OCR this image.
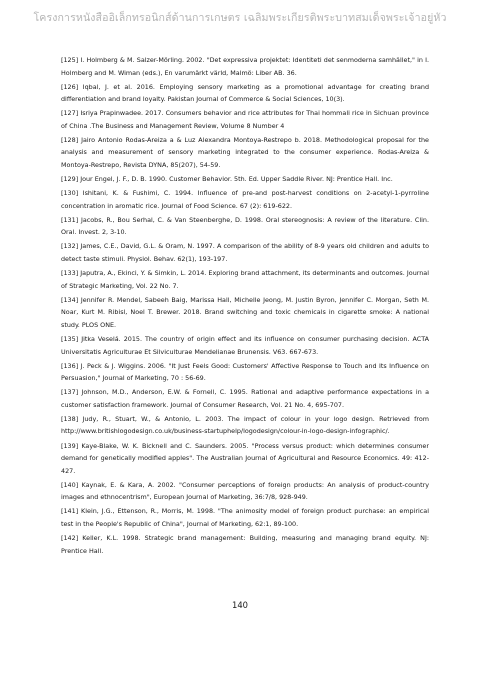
โครงการหนังสืออิเล็กทรอนิกส์ด้านการเกษตร เฉลิมพระเกียรติพระบาทสมเด็จพระเจ้าอยู่หัว

[125] I. Holmberg & M. Salzer-Mörling. 2002. "Det expressiva projektet: Identiteti det senmoderna samhället," in I. Holmberg and M. Wiman (eds.), En varumärkt värld, Malmö: Liber AB. 36.

[126] Iqbal, J. et al. 2016. Employing sensory marketing as a promotional advantage for creating brand differentiation and brand loyalty. Pakistan Journal of Commerce & Social Sciences, 10(3).

[127] Isriya Prapinwadee. 2017. Consumers behavior and rice attributes for Thai hommali rice in Sichuan province of China .The Business and Management Review, Volume 8 Number 4

[128] Jairo Antonio Rodas-Areiza a & Luz Alexandra Montoya-Restrepo b. 2018. Methodological proposal for the analysis and measurement of sensory marketing integrated to the consumer experience. Rodas-Areiza & Montoya-Restrepo, Revista DYNA, 85(207), 54-59.

[129] Jour Engel, J. F., D. B. 1990. Customer Behavior. 5th. Ed. Upper Saddle River. NJ: Prentice Hall. Inc.

[130] Ishitani, K. & Fushimi, C. 1994. Influence of pre-and post-harvest conditions on 2-acetyl-1-pyrroline concentration in aromatic rice. Journal of Food Science. 67 (2): 619-622.

[131] Jacobs, R., Bou Serhal, C. & Van Steenberghe, D. 1998. Oral stereognosis: A review of the literature. Clin. Oral. Invest. 2, 3-10.

[132] James, C.E., David, G.L. & Oram, N. 1997. A comparison of the ability of 8-9 years old children and adults to detect taste stimuli. Physiol. Behav. 62(1), 193-197.

[133] Japutra, A., Ekinci, Y. & Simkin, L. 2014. Exploring brand attachment, its determinants and outcomes. Journal of Strategic Marketing, Vol. 22 No. 7.

[134] Jennifer R. Mendel, Sabeeh Baig, Marissa Hall, Michelle Jeong, M. Justin Byron, Jennifer C. Morgan, Seth M. Noar, Kurt M. Ribisl, Noel T. Brewer. 2018. Brand switching and toxic chemicals in cigarette smoke: A national study. PLOS ONE.

[135] Jitka Veselá. 2015. The country of origin effect and its influence on consumer purchasing decision. ACTA Universitatis Agriculturae Et Silviculturae Mendelianae Brunensis. V63. 667-673.

[136] J. Peck & J. Wiggins. 2006. "It Just Feels Good: Customers' Affective Response to Touch and Its Influence on Persuasion," Journal of Marketing, 70 : 56-69.

[137] Johnson, M.D., Anderson, E.W. & Fornell, C. 1995. Rational and adaptive performance expectations in a customer satisfaction framework. Journal of Consumer Research, Vol. 21 No. 4, 695-707.

[138] Judy, R., Stuart, W., & Antonio, L. 2003. The impact of colour in your logo design. Retrieved from http://www.britishlogodesign.co.uk/business-startuphelp/logodesign/colour-in-logo-design-infographic/.

[139] Kaye-Blake, W. K. Bicknell and C. Saunders. 2005. "Process versus product: which determines consumer demand for genetically modified apples". The Australian Journal of Agricultural and Resource Economics. 49: 412-427.

[140] Kaynak, E. & Kara, A. 2002. "Consumer perceptions of foreign products: An analysis of product-country images and ethnocentrism", European Journal of Marketing, 36:7/8, 928-949.

[141] Klein, J.G., Ettenson, R., Morris, M. 1998. "The animosity model of foreign product purchase: an empirical test in the People's Republic of China", Journal of Marketing, 62:1, 89-100.

[142] Keller, K.L. 1998. Strategic brand management: Building, measuring and managing brand equity. NJ: Prentice Hall.

140
